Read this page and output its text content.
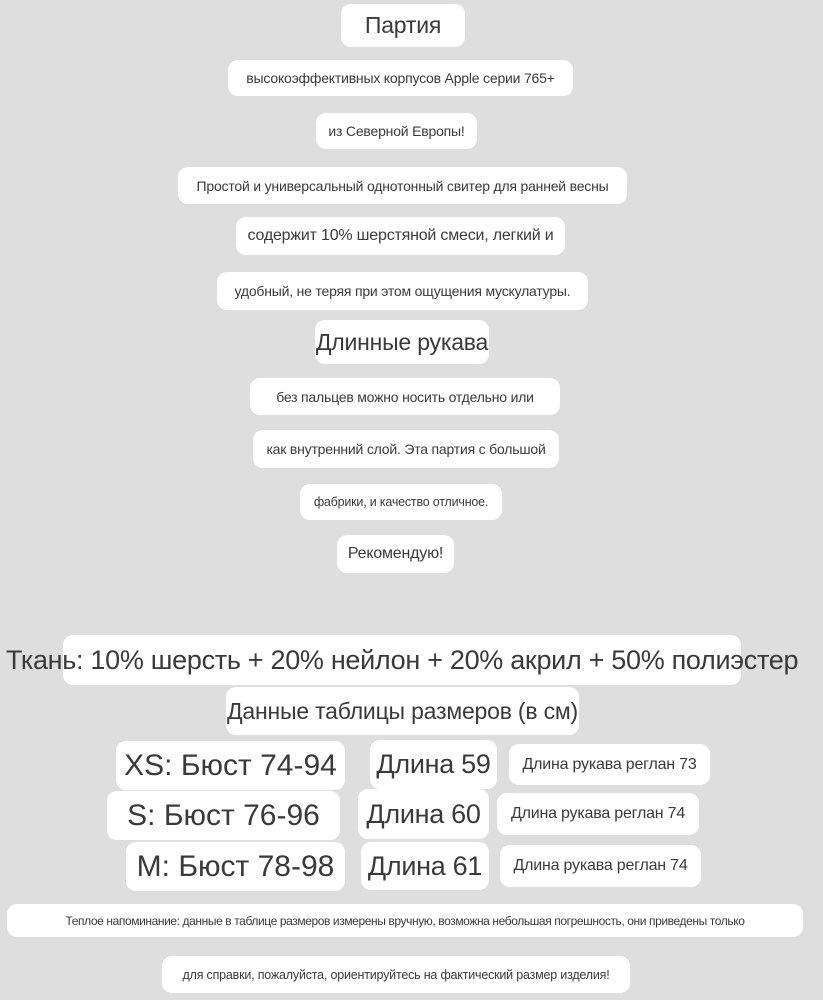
Партия
высокоэффективных корпусов Apple серии 765+
из Северной Европы!
Простой и универсальный однотонный свитер для ранней весны
содержит 10% шерстяной смеси, легкий и
удобный, не теряя при этом ощущения мускулатуры.
Длинные рукава
без пальцев можно носить отдельно или
как внутренний слой. Эта партия с большой
фабрики, и качество отличное.
Рекомендую!
Ткань: 10% шерсть + 20% нейлон + 20% акрил + 50% полиэстер
Данные таблицы размеров (в см)
XS: Бюст 74-94	Длина 59	Длина рукава реглан 73
S: Бюст 76-96	Длина 60	Длина рукава реглан 74
M: Бюст 78-98	Длина 61	Длина рукава реглан 74
Теплое напоминание: данные в таблице размеров измерены вручную, возможна небольшая погрешность, они приведены только
для справки, пожалуйста, ориентируйтесь на фактический размер изделия!
